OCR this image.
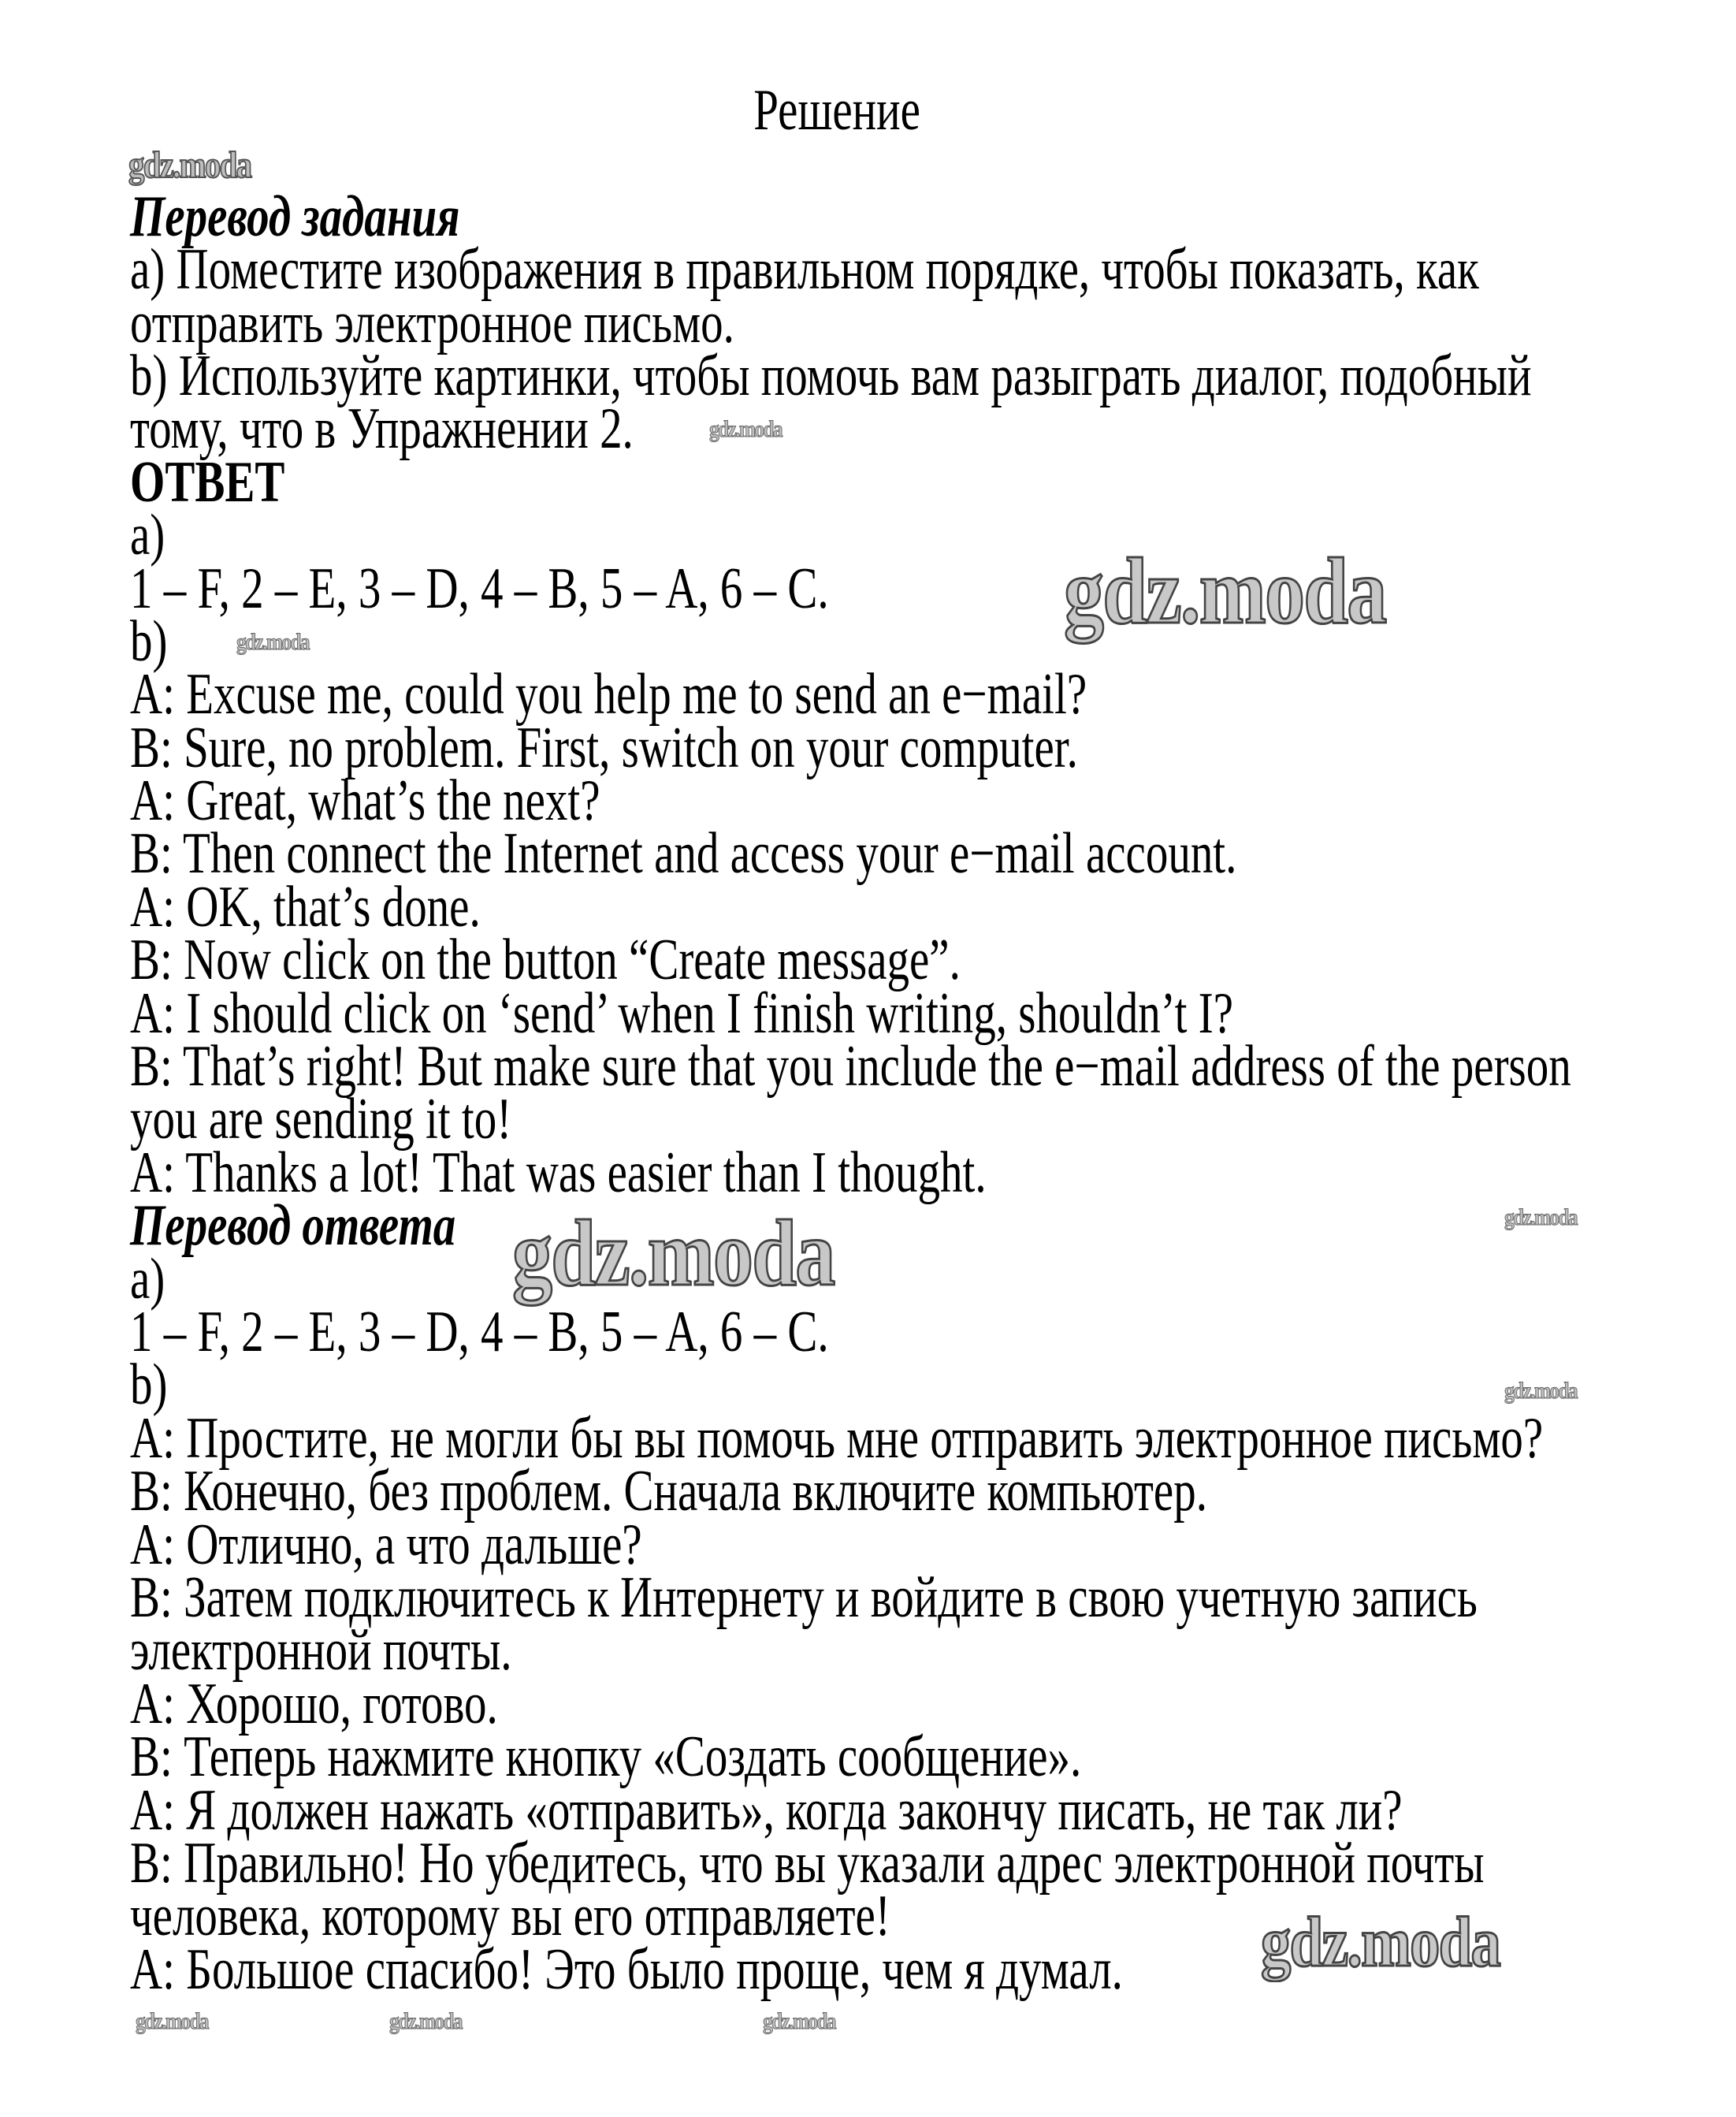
Решение
Перевод задания
a) Поместите изображения в правильном порядке, чтобы показать, как
отправить электронное письмо.
b) Используйте картинки, чтобы помочь вам разыграть диалог, подобный
тому, что в Упражнении 2.
ОТВЕТ
a)
1 – F, 2 – E, 3 – D, 4 – B, 5 – A, 6 – C.
b)
A: Excuse me, could you help me to send an e−mail?
B: Sure, no problem. First, switch on your computer.
A: Great, what’s the next?
B: Then connect the Internet and access your e−mail account.
A: OK, that’s done.
B: Now click on the button “Create message”.
A: I should click on ‘send’ when I finish writing, shouldn’t I?
B: That’s right! But make sure that you include the e−mail address of the person
you are sending it to!
A: Thanks a lot! That was easier than I thought.
Перевод ответа
a)
1 – F, 2 – E, 3 – D, 4 – B, 5 – A, 6 – C.
b)
A: Простите, не могли бы вы помочь мне отправить электронное письмо?
B: Конечно, без проблем. Сначала включите компьютер.
A: Отлично, а что дальше?
B: Затем подключитесь к Интернету и войдите в свою учетную запись
электронной почты.
A: Хорошо, готово.
B: Теперь нажмите кнопку «Создать сообщение».
A: Я должен нажать «отправить», когда закончу писать, не так ли?
B: Правильно! Но убедитесь, что вы указали адрес электронной почты
человека, которому вы его отправляете!
A: Большое спасибо! Это было проще, чем я думал.
gdz.moda
gdz.moda
gdz.moda	gdz.moda
gdz.moda	gdz.moda
gdz.moda
gdz.moda	gdz.moda	gdz.moda
gdz.moda
